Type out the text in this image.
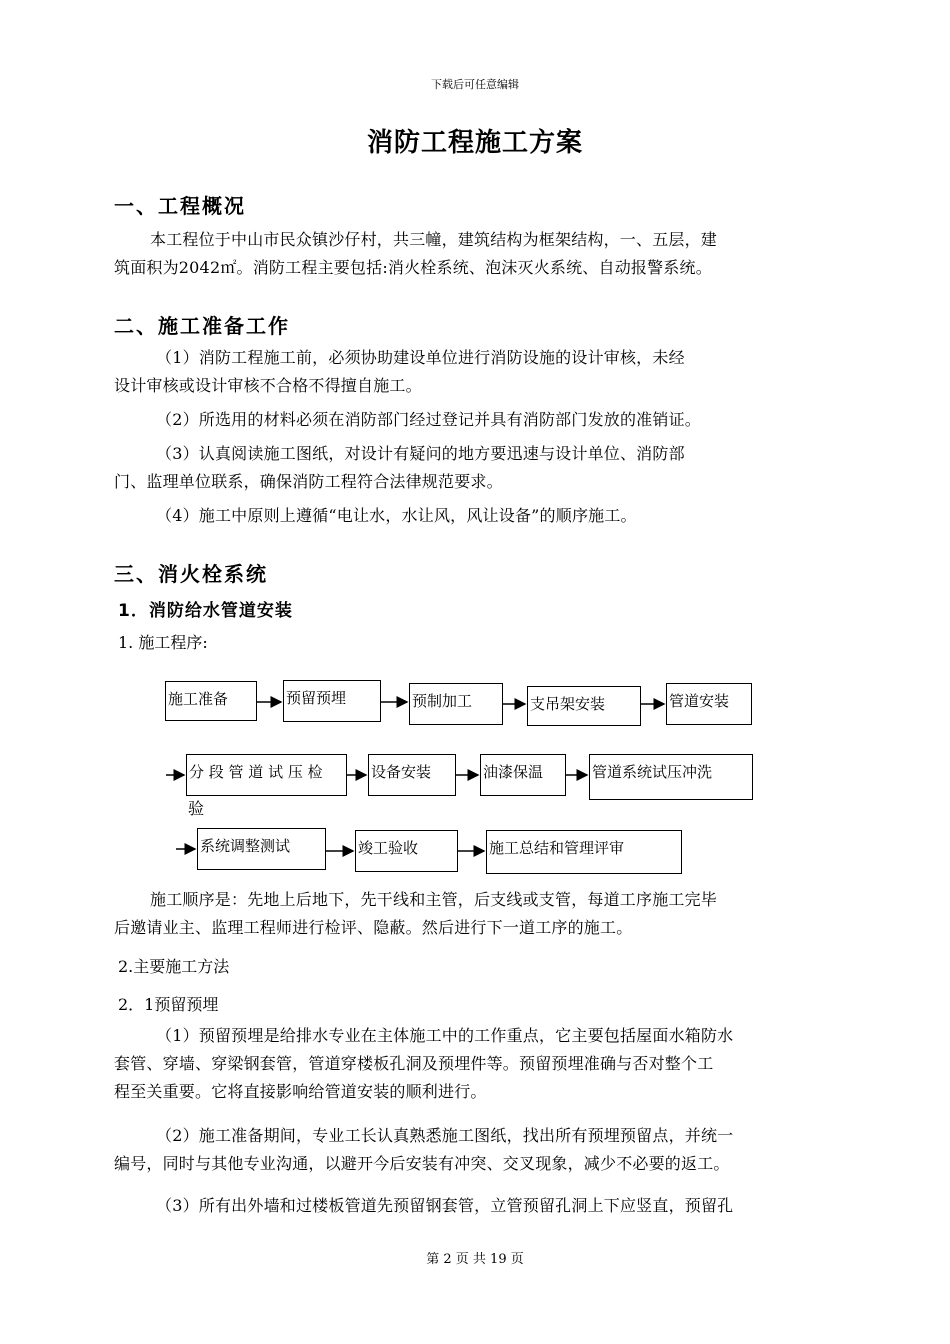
下载后可任意编辑
消防工程施工方案
一、工程概况
本工程位于中山市民众镇沙仔村，共三幢，建筑结构为框架结构，一、五层，建
筑面积为2042㎡。消防工程主要包括:消火栓系统、泡沫灭火系统、自动报警系统。
二、施工准备工作
（1）消防工程施工前，必须协助建设单位进行消防设施的设计审核，未经
设计审核或设计审核不合格不得擅自施工。
（2）所选用的材料必须在消防部门经过登记并具有消防部门发放的准销证。
（3）认真阅读施工图纸，对设计有疑问的地方要迅速与设计单位、消防部
门、监理单位联系，确保消防工程符合法律规范要求。
（4）施工中原则上遵循“电让水，水让风，风让设备”的顺序施工。
三、消火栓系统
1．消防给水管道安装
1. 施工程序:
施工准备	预留预埋	预制加工	支吊架安装	管道安装
分 段 管 道 试 压 检
验
设备安装	油漆保温	管道系统试压冲洗
系统调整测试	竣工验收	施工总结和管理评审
施工顺序是：先地上后地下，先干线和主管，后支线或支管，每道工序施工完毕
后邀请业主、监理工程师进行检评、隐蔽。然后进行下一道工序的施工。
2.主要施工方法
2．1预留预埋
（1）预留预埋是给排水专业在主体施工中的工作重点，它主要包括屋面水箱防水
套管、穿墙、穿梁钢套管，管道穿楼板孔洞及预埋件等。预留预埋准确与否对整个工
程至关重要。它将直接影响给管道安装的顺利进行。
（2）施工准备期间，专业工长认真熟悉施工图纸，找出所有预埋预留点，并统一
编号，同时与其他专业沟通，以避开今后安装有冲突、交叉现象，减少不必要的返工。
（3）所有出外墙和过楼板管道先预留钢套管，立管预留孔洞上下应竖直，预留孔
第 2 页 共 19 页
